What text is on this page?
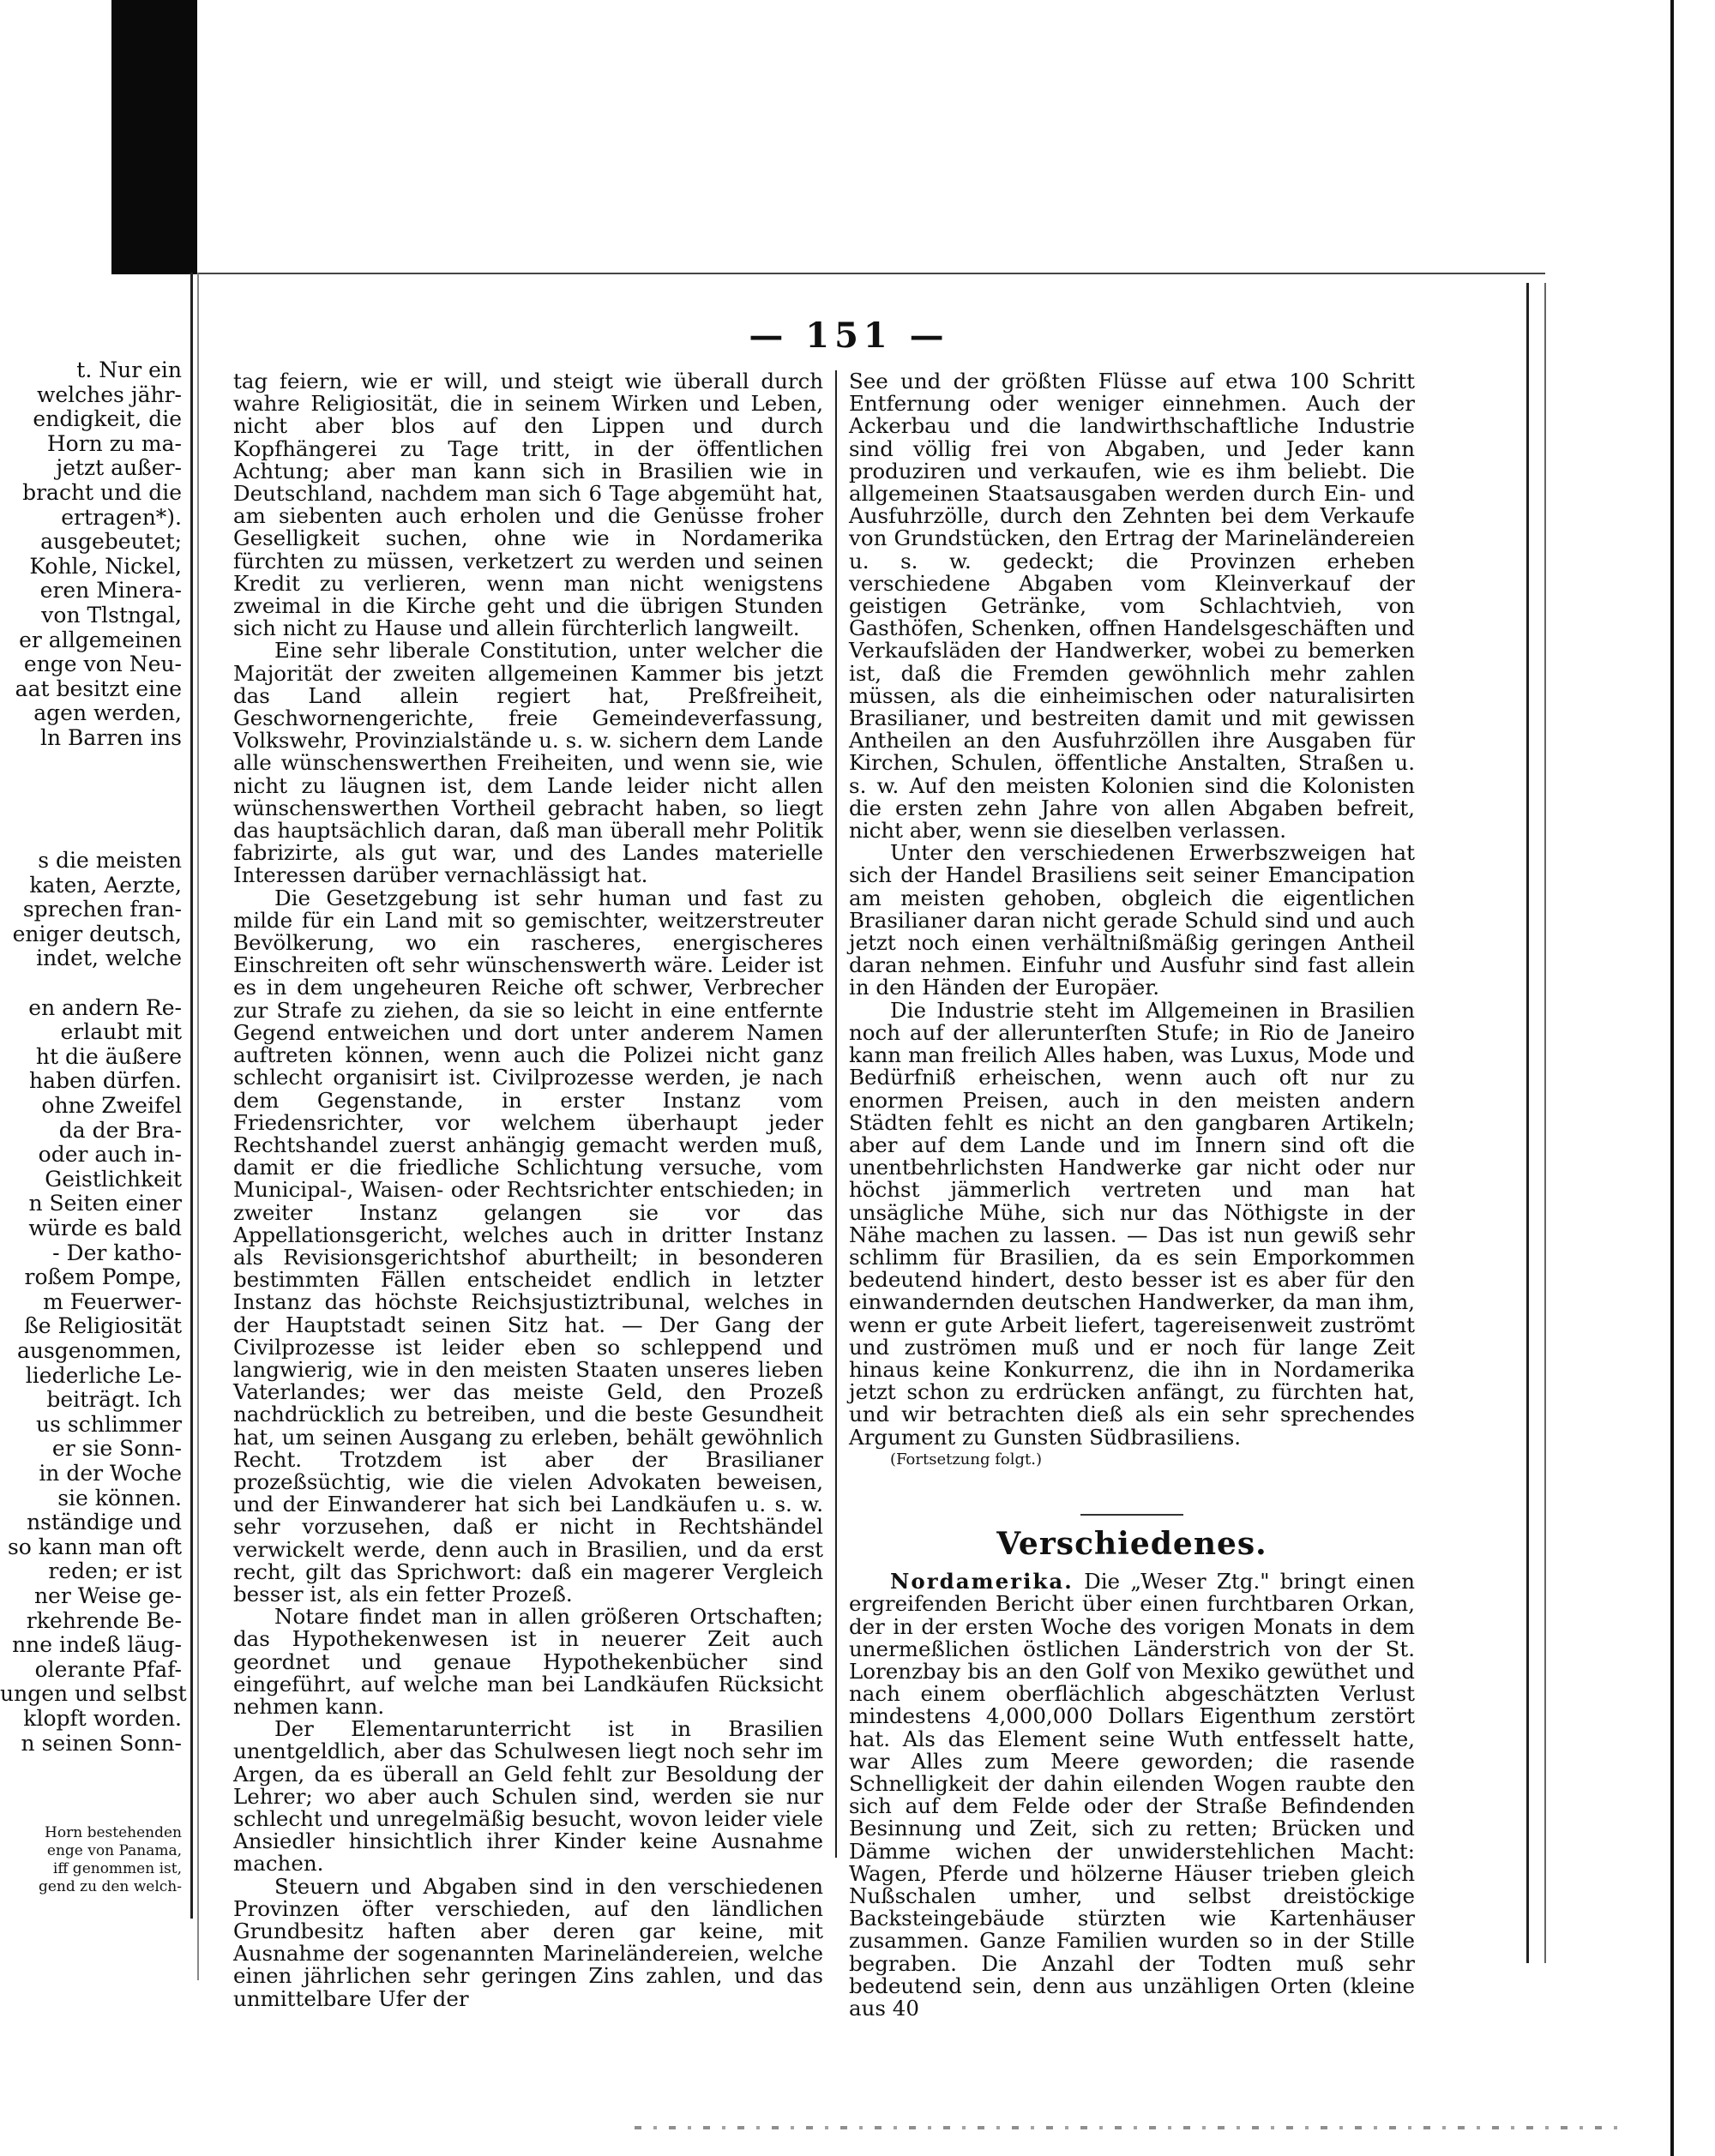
t. Nur ein
welches jähr-
endigkeit, die
Horn zu ma-
jetzt außer-
bracht und die
ertragen*).
ausgebeutet;
Kohle, Nickel,
eren Minera-
von Tlstngal,
er allgemeinen
enge von Neu-
aat besitzt eine
agen werden,
ln Barren ins
s die meisten
katen, Aerzte,
sprechen fran-
eniger deutsch,
indet, welche
en andern Re-
erlaubt mit
ht die äußere
haben dürfen.
ohne Zweifel
da der Bra-
oder auch in-
Geistlichkeit
n Seiten einer
würde es bald
- Der katho-
roßem Pompe,
m Feuerwer-
ße Religiosität
ausgenommen,
liederliche Le-
beiträgt. Ich
us schlimmer
er sie Sonn-
in der Woche
sie können.
nständige und
so kann man oft
reden; er ist
ner Weise ge-
rkehrende Be-
nne indeß läug-
olerante Pfaf-
ungen und selbst
klopft worden.
n seinen Sonn-
Horn bestehenden
enge von Panama,
iff genommen ist,
gend zu den welch-
— 151 —

tag feiern, wie er will, und steigt wie überall durch wahre Religiosität, die in seinem Wirken und Leben, nicht aber blos auf den Lippen und durch Kopfhängerei zu Tage tritt, in der öffentlichen Achtung; aber man kann sich in Brasilien wie in Deutschland, nachdem man sich 6 Tage abgemüht hat, am siebenten auch erholen und die Genüsse froher Geselligkeit suchen, ohne wie in Nordamerika fürchten zu müssen, verketzert zu werden und seinen Kredit zu verlieren, wenn man nicht wenigstens zweimal in die Kirche geht und die übrigen Stunden sich nicht zu Hause und allein fürchterlich langweilt.

Eine sehr liberale Constitution, unter welcher die Majorität der zweiten allgemeinen Kammer bis jetzt das Land allein regiert hat, Preßfreiheit, Geschwornengerichte, freie Gemeindeverfassung, Volkswehr, Provinzialstände u. s. w. sichern dem Lande alle wünschenswerthen Freiheiten, und wenn sie, wie nicht zu läugnen ist, dem Lande leider nicht allen wünschenswerthen Vortheil gebracht haben, so liegt das hauptsächlich daran, daß man überall mehr Politik fabrizirte, als gut war, und des Landes materielle Interessen darüber vernachlässigt hat.

Die Gesetzgebung ist sehr human und fast zu milde für ein Land mit so gemischter, weitzerstreuter Bevölkerung, wo ein rascheres, energischeres Einschreiten oft sehr wünschenswerth wäre. Leider ist es in dem ungeheuren Reiche oft schwer, Verbrecher zur Strafe zu ziehen, da sie so leicht in eine entfernte Gegend entweichen und dort unter anderem Namen auftreten können, wenn auch die Polizei nicht ganz schlecht organisirt ist. Civilprozesse werden, je nach dem Gegenstande, in erster Instanz vom Friedensrichter, vor welchem überhaupt jeder Rechtshandel zuerst anhängig gemacht werden muß, damit er die friedliche Schlichtung versuche, vom Municipal-, Waisen- oder Rechtsrichter entschieden; in zweiter Instanz gelangen sie vor das Appellationsgericht, welches auch in dritter Instanz als Revisionsgerichtshof aburtheilt; in besonderen bestimmten Fällen entscheidet endlich in letzter Instanz das höchste Reichsjustiztribunal, welches in der Hauptstadt seinen Sitz hat. — Der Gang der Civilprozesse ist leider eben so schleppend und langwierig, wie in den meisten Staaten unseres lieben Vaterlandes; wer das meiste Geld, den Prozeß nachdrücklich zu betreiben, und die beste Gesundheit hat, um seinen Ausgang zu erleben, behält gewöhnlich Recht. Trotzdem ist aber der Brasilianer prozeßsüchtig, wie die vielen Advokaten beweisen, und der Einwanderer hat sich bei Landkäufen u. s. w. sehr vorzusehen, daß er nicht in Rechtshändel verwickelt werde, denn auch in Brasilien, und da erst recht, gilt das Sprichwort: daß ein magerer Vergleich besser ist, als ein fetter Prozeß.

Notare findet man in allen größeren Ortschaften; das Hypothekenwesen ist in neuerer Zeit auch geordnet und genaue Hypothekenbücher sind eingeführt, auf welche man bei Landkäufen Rücksicht nehmen kann.

Der Elementarunterricht ist in Brasilien unentgeldlich, aber das Schulwesen liegt noch sehr im Argen, da es überall an Geld fehlt zur Besoldung der Lehrer; wo aber auch Schulen sind, werden sie nur schlecht und unregelmäßig besucht, wovon leider viele Ansiedler hinsichtlich ihrer Kinder keine Ausnahme machen.

Steuern und Abgaben sind in den verschiedenen Provinzen öfter verschieden, auf den ländlichen Grundbesitz haften aber deren gar keine, mit Ausnahme der sogenannten Marineländereien, welche einen jährlichen sehr geringen Zins zahlen, und das unmittelbare Ufer der

See und der größten Flüsse auf etwa 100 Schritt Entfernung oder weniger einnehmen. Auch der Ackerbau und die landwirthschaftliche Industrie sind völlig frei von Abgaben, und Jeder kann produziren und verkaufen, wie es ihm beliebt. Die allgemeinen Staatsausgaben werden durch Ein- und Ausfuhrzölle, durch den Zehnten bei dem Verkaufe von Grundstücken, den Ertrag der Marineländereien u. s. w. gedeckt; die Provinzen erheben verschiedene Abgaben vom Kleinverkauf der geistigen Getränke, vom Schlachtvieh, von Gasthöfen, Schenken, offnen Handelsgeschäften und Verkaufsläden der Handwerker, wobei zu bemerken ist, daß die Fremden gewöhnlich mehr zahlen müssen, als die einheimischen oder naturalisirten Brasilianer, und bestreiten damit und mit gewissen Antheilen an den Ausfuhrzöllen ihre Ausgaben für Kirchen, Schulen, öffentliche Anstalten, Straßen u. s. w. Auf den meisten Kolonien sind die Kolonisten die ersten zehn Jahre von allen Abgaben befreit, nicht aber, wenn sie dieselben verlassen.

Unter den verschiedenen Erwerbszweigen hat sich der Handel Brasiliens seit seiner Emancipation am meisten gehoben, obgleich die eigentlichen Brasilianer daran nicht gerade Schuld sind und auch jetzt noch einen verhältnißmäßig geringen Antheil daran nehmen. Einfuhr und Ausfuhr sind fast allein in den Händen der Europäer.

Die Industrie steht im Allgemeinen in Brasilien noch auf der allerunterſten Stufe; in Rio de Janeiro kann man freilich Alles haben, was Luxus, Mode und Bedürfniß erheischen, wenn auch oft nur zu enormen Preisen, auch in den meisten andern Städten fehlt es nicht an den gangbaren Artikeln; aber auf dem Lande und im Innern sind oft die unentbehrlichsten Handwerke gar nicht oder nur höchst jämmerlich vertreten und man hat unsägliche Mühe, sich nur das Nöthigste in der Nähe machen zu lassen. — Das ist nun gewiß sehr schlimm für Brasilien, da es sein Emporkommen bedeutend hindert, desto besser ist es aber für den einwandernden deutschen Handwerker, da man ihm, wenn er gute Arbeit liefert, tagereisenweit zuströmt und zuströmen muß und er noch für lange Zeit hinaus keine Konkurrenz, die ihn in Nordamerika jetzt schon zu erdrücken anfängt, zu fürchten hat, und wir betrachten dieß als ein sehr sprechendes Argument zu Gunsten Südbrasiliens.

(Fortsetzung folgt.)

Verschiedenes.

Nordamerika. Die „Weser Ztg." bringt einen ergreifenden Bericht über einen furchtbaren Orkan, der in der ersten Woche des vorigen Monats in dem unermeßlichen östlichen Länderstrich von der St. Lorenzbay bis an den Golf von Mexiko gewüthet und nach einem oberflächlich abgeschätzten Verlust mindestens 4,000,000 Dollars Eigenthum zerstört hat. Als das Element seine Wuth entfesselt hatte, war Alles zum Meere geworden; die rasende Schnelligkeit der dahin eilenden Wogen raubte den sich auf dem Felde oder der Straße Befindenden Besinnung und Zeit, sich zu retten; Brücken und Dämme wichen der unwiderstehlichen Macht: Wagen, Pferde und hölzerne Häuser trieben gleich Nußschalen umher, und selbst dreistöckige Backsteingebäude stürzten wie Kartenhäuser zusammen. Ganze Familien wurden so in der Stille begraben. Die Anzahl der Todten muß sehr bedeutend sein, denn aus unzähligen Orten (kleine aus 40
